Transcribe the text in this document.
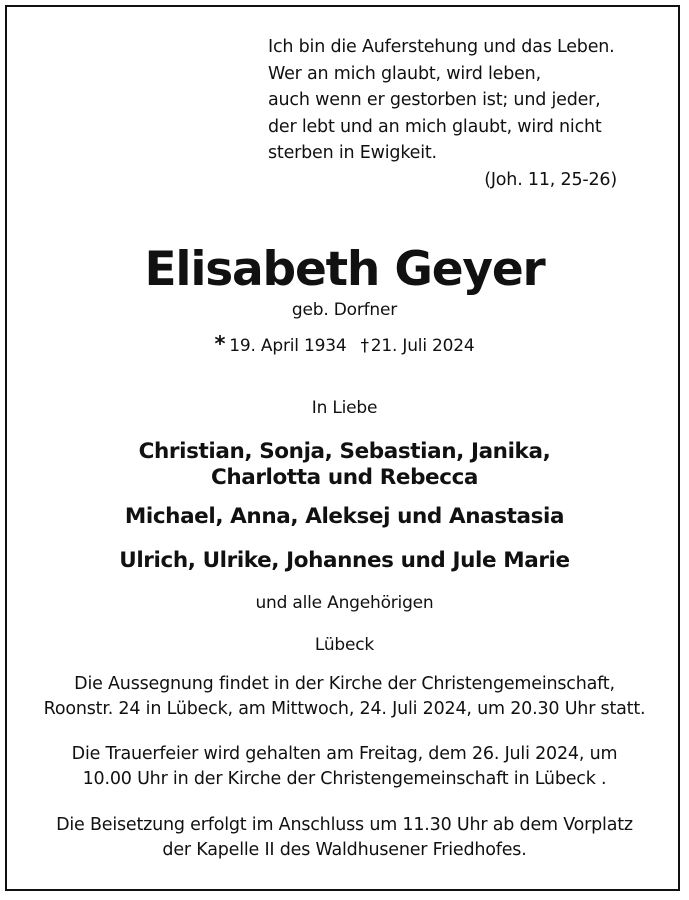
Ich bin die Auferstehung und das Leben.
Wer an mich glaubt, wird leben,
auch wenn er gestorben ist; und jeder,
der lebt und an mich glaubt, wird nicht
sterben in Ewigkeit.
(Joh. 11, 25-26)
Elisabeth Geyer
geb. Dorfner
* 19. April 1934 † 21. Juli 2024
In Liebe
Christian, Sonja, Sebastian, Janika,
Charlotta und Rebecca
Michael, Anna, Aleksej und Anastasia
Ulrich, Ulrike, Johannes und Jule Marie
und alle Angehörigen
Lübeck
Die Aussegnung findet in der Kirche der Christengemeinschaft,
Roonstr. 24 in Lübeck, am Mittwoch, 24. Juli 2024, um 20.30 Uhr statt.
Die Trauerfeier wird gehalten am Freitag, dem 26. Juli 2024, um
10.00 Uhr in der Kirche der Christengemeinschaft in Lübeck .
Die Beisetzung erfolgt im Anschluss um 11.30 Uhr ab dem Vorplatz
der Kapelle II des Waldhusener Friedhofes.
